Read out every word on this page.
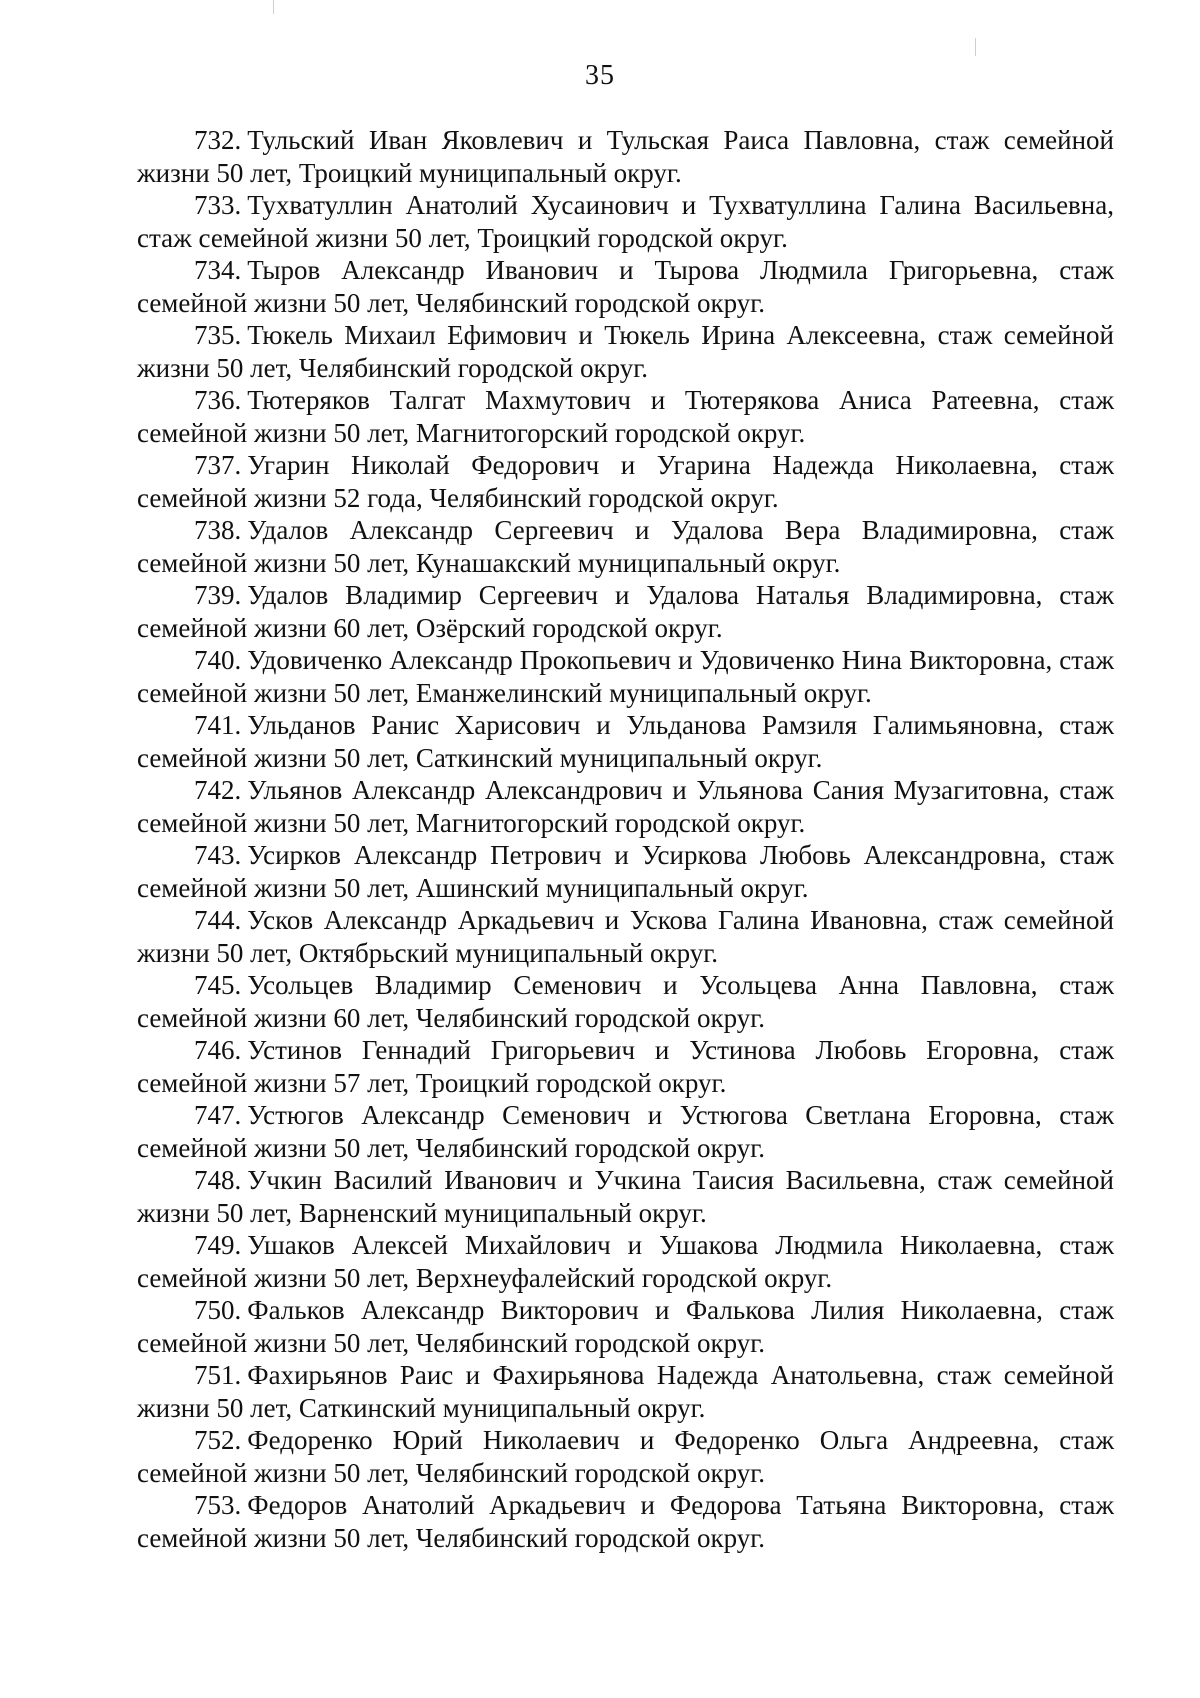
35

732. Тульский Иван Яковлевич и Тульская Раиса Павловна, стаж семейной жизни 50 лет, Троицкий муниципальный округ.

733. Тухватуллин Анатолий Хусаинович и Тухватуллина Галина Васильевна, стаж семейной жизни 50 лет, Троицкий городской округ.

734. Тыров Александр Иванович и Тырова Людмила Григорьевна, стаж семейной жизни 50 лет, Челябинский городской округ.

735. Тюкель Михаил Ефимович и Тюкель Ирина Алексеевна, стаж семейной жизни 50 лет, Челябинский городской округ.

736. Тютеряков Талгат Махмутович и Тютерякова Аниса Ратеевна, стаж семейной жизни 50 лет, Магнитогорский городской округ.

737. Угарин Николай Федорович и Угарина Надежда Николаевна, стаж семейной жизни 52 года, Челябинский городской округ.

738. Удалов Александр Сергеевич и Удалова Вера Владимировна, стаж семейной жизни 50 лет, Кунашакский муниципальный округ.

739. Удалов Владимир Сергеевич и Удалова Наталья Владимировна, стаж семейной жизни 60 лет, Озёрский городской округ.

740. Удовиченко Александр Прокопьевич и Удовиченко Нина Викторовна, стаж семейной жизни 50 лет, Еманжелинский муниципальный округ.

741. Ульданов Ранис Харисович и Ульданова Рамзиля Галимьяновна, стаж семейной жизни 50 лет, Саткинский муниципальный округ.

742. Ульянов Александр Александрович и Ульянова Сания Музагитовна, стаж семейной жизни 50 лет, Магнитогорский городской округ.

743. Усирков Александр Петрович и Усиркова Любовь Александровна, стаж семейной жизни 50 лет, Ашинский муниципальный округ.

744. Усков Александр Аркадьевич и Ускова Галина Ивановна, стаж семейной жизни 50 лет, Октябрьский муниципальный округ.

745. Усольцев Владимир Семенович и Усольцева Анна Павловна, стаж семейной жизни 60 лет, Челябинский городской округ.

746. Устинов Геннадий Григорьевич и Устинова Любовь Егоровна, стаж семейной жизни 57 лет, Троицкий городской округ.

747. Устюгов Александр Семенович и Устюгова Светлана Егоровна, стаж семейной жизни 50 лет, Челябинский городской округ.

748. Учкин Василий Иванович и Учкина Таисия Васильевна, стаж семейной жизни 50 лет, Варненский муниципальный округ.

749. Ушаков Алексей Михайлович и Ушакова Людмила Николаевна, стаж семейной жизни 50 лет, Верхнеуфалейский городской округ.

750. Фальков Александр Викторович и Фалькова Лилия Николаевна, стаж семейной жизни 50 лет, Челябинский городской округ.

751. Фахирьянов Раис и Фахирьянова Надежда Анатольевна, стаж семейной жизни 50 лет, Саткинский муниципальный округ.

752. Федоренко Юрий Николаевич и Федоренко Ольга Андреевна, стаж семейной жизни 50 лет, Челябинский городской округ.

753. Федоров Анатолий Аркадьевич и Федорова Татьяна Викторовна, стаж семейной жизни 50 лет, Челябинский городской округ.
